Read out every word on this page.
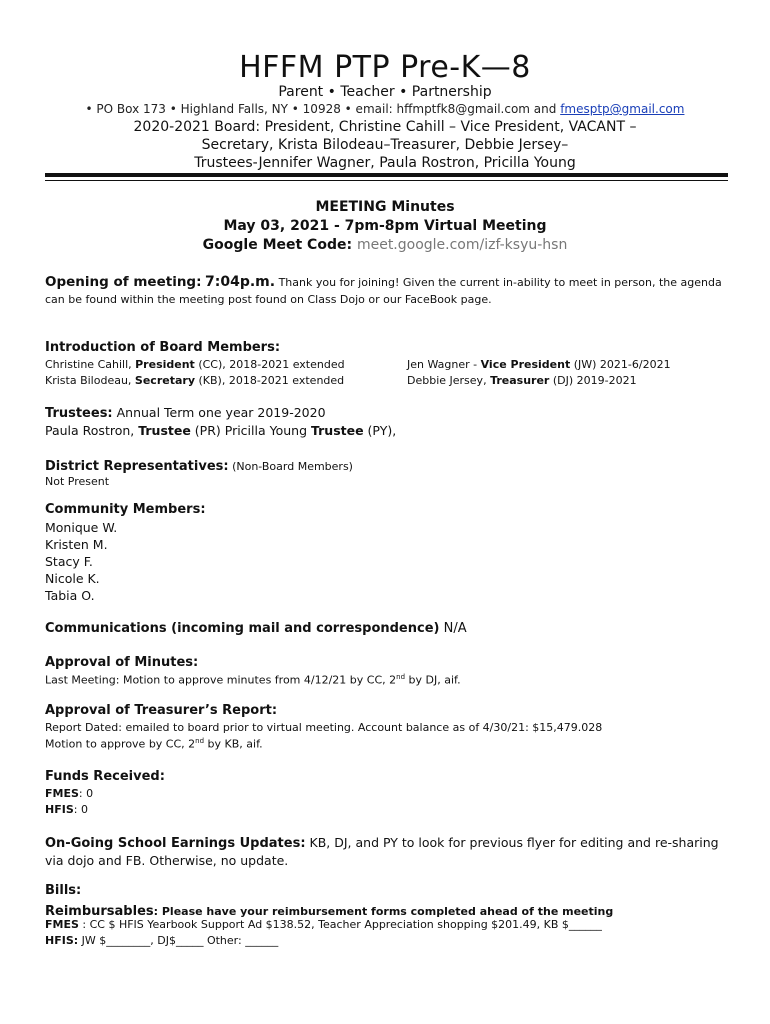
HFFM PTP Pre-K—8
Parent • Teacher • Partnership
• PO Box 173 • Highland Falls, NY • 10928 • email: hffmptfk8@gmail.com and fmesptp@gmail.com
2020-2021 Board: President, Christine Cahill – Vice President, VACANT –
Secretary, Krista Bilodeau–Treasurer, Debbie Jersey–
Trustees-Jennifer Wagner, Paula Rostron, Pricilla Young
MEETING Minutes
May 03, 2021 - 7pm-8pm Virtual Meeting
Google Meet Code: meet.google.com/izf-ksyu-hsn
Opening of meeting: 7:04p.m. Thank you for joining! Given the current in-ability to meet in person, the agenda
can be found within the meeting post found on Class Dojo or our FaceBook page.
Introduction of Board Members:
Christine Cahill, President (CC), 2018-2021 extended
Krista Bilodeau, Secretary (KB), 2018-2021 extended
Jen Wagner - Vice President (JW) 2021-6/2021
Debbie Jersey, Treasurer (DJ) 2019-2021
Trustees: Annual Term one year 2019-2020
Paula Rostron, Trustee (PR) Pricilla Young Trustee (PY),
District Representatives: (Non-Board Members)
Not Present
Community Members:
Monique W.
Kristen M.
Stacy F.
Nicole K.
Tabia O.
Communications (incoming mail and correspondence) N/A
Approval of Minutes:
Last Meeting: Motion to approve minutes from 4/12/21 by CC, 2nd by DJ, aif.
Approval of Treasurer’s Report:
Report Dated: emailed to board prior to virtual meeting. Account balance as of 4/30/21: $15,479.028
Motion to approve by CC, 2nd by KB, aif.
Funds Received:
FMES: 0
HFIS: 0
On-Going School Earnings Updates: KB, DJ, and PY to look for previous flyer for editing and re-sharing
via dojo and FB. Otherwise, no update.
Bills:
Reimbursables: Please have your reimbursement forms completed ahead of the meeting
FMES : CC $ HFIS Yearbook Support Ad $138.52, Teacher Appreciation shopping $201.49, KB $______
HFIS: JW $________, DJ$_____ Other: ______
